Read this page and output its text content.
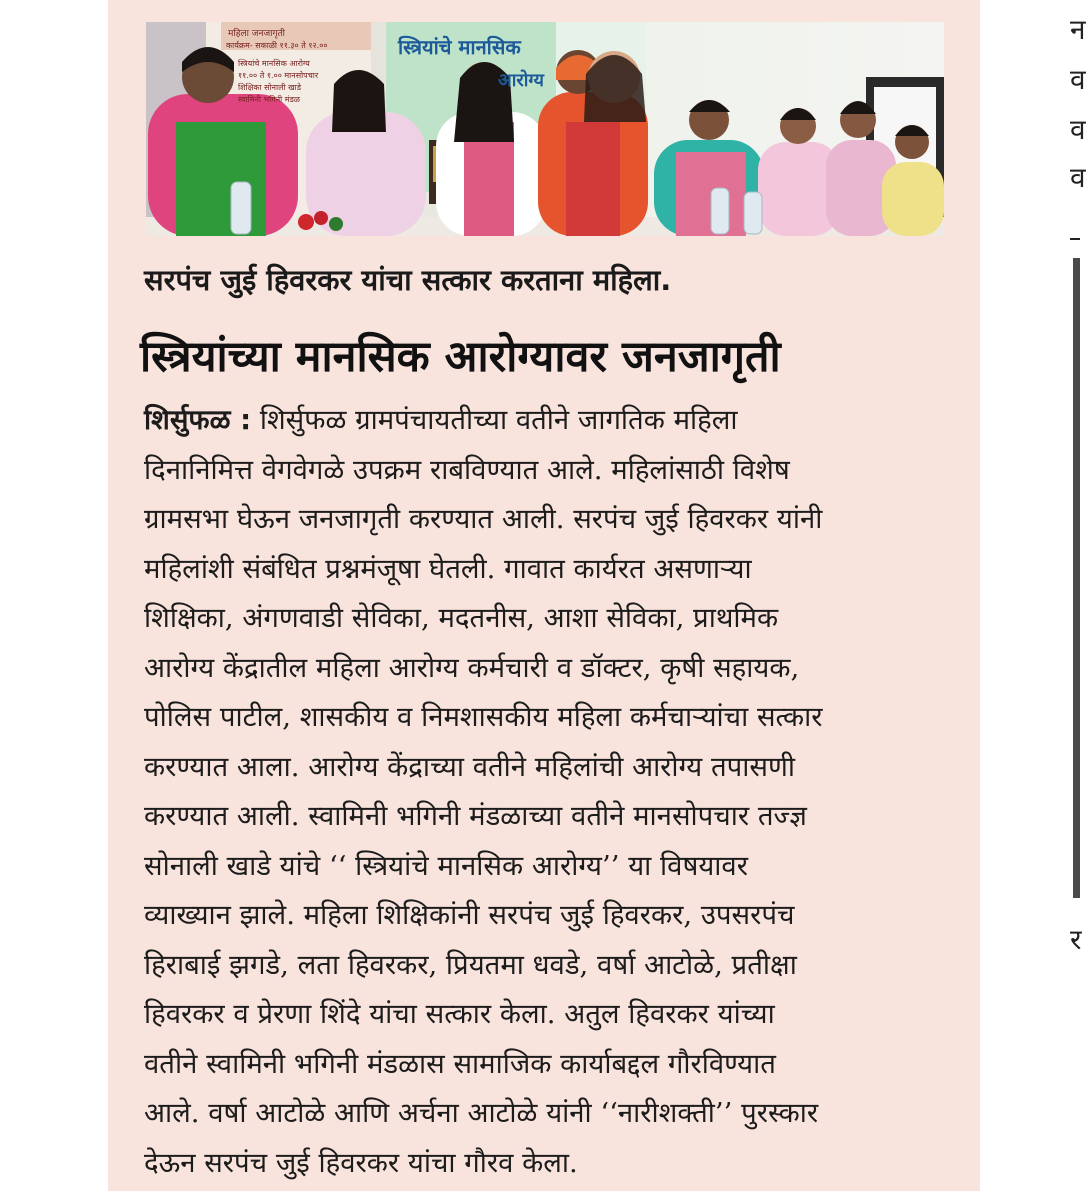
महिला जनजागृती
कार्यक्रम- सकाळी ११.३० ते १२.००
स्त्रियांचे मानसिक आरोग्य
११.०० ते १.०० मानसोपचार
शिक्षिका सोनाली खाडे
स्वामिनी भगिनी मंडळ
स्त्रियांचे मानसिक
आरोग्य
सरपंच जुई हिवरकर यांचा सत्कार करताना महिला.
स्त्रियांच्या मानसिक आरोग्यावर जनजागृती
शिर्सुफळ : शिर्सुफळ ग्रामपंचायतीच्या वतीने जागतिक महिला
दिनानिमित्त वेगवेगळे उपक्रम राबविण्यात आले. महिलांसाठी विशेष
ग्रामसभा घेऊन जनजागृती करण्यात आली. सरपंच जुई हिवरकर यांनी
महिलांशी संबंधित प्रश्नमंजूषा घेतली. गावात कार्यरत असणाऱ्या
शिक्षिका, अंगणवाडी सेविका, मदतनीस, आशा सेविका, प्राथमिक
आरोग्य केंद्रातील महिला आरोग्य कर्मचारी व डॉक्टर, कृषी सहायक,
पोलिस पाटील, शासकीय व निमशासकीय महिला कर्मचाऱ्यांचा सत्कार
करण्यात आला. आरोग्य केंद्राच्या वतीने महिलांची आरोग्य तपासणी
करण्यात आली. स्वामिनी भगिनी मंडळाच्या वतीने मानसोपचार तज्ज्ञ
सोनाली खाडे यांचे ‘‘ स्त्रियांचे मानसिक आरोग्य’’ या विषयावर
व्याख्यान झाले. महिला शिक्षिकांनी सरपंच जुई हिवरकर, उपसरपंच
हिराबाई झगडे, लता हिवरकर, प्रियतमा धवडे, वर्षा आटोळे, प्रतीक्षा
हिवरकर व प्रेरणा शिंदे यांचा सत्कार केला. अतुल हिवरकर यांच्या
वतीने स्वामिनी भगिनी मंडळास सामाजिक कार्याबद्दल गौरविण्यात
आले. वर्षा आटोळे आणि अर्चना आटोळे यांनी ‘‘नारीशक्ती’’ पुरस्कार
देऊन सरपंच जुई हिवरकर यांचा गौरव केला.
न
व
व
व
र
